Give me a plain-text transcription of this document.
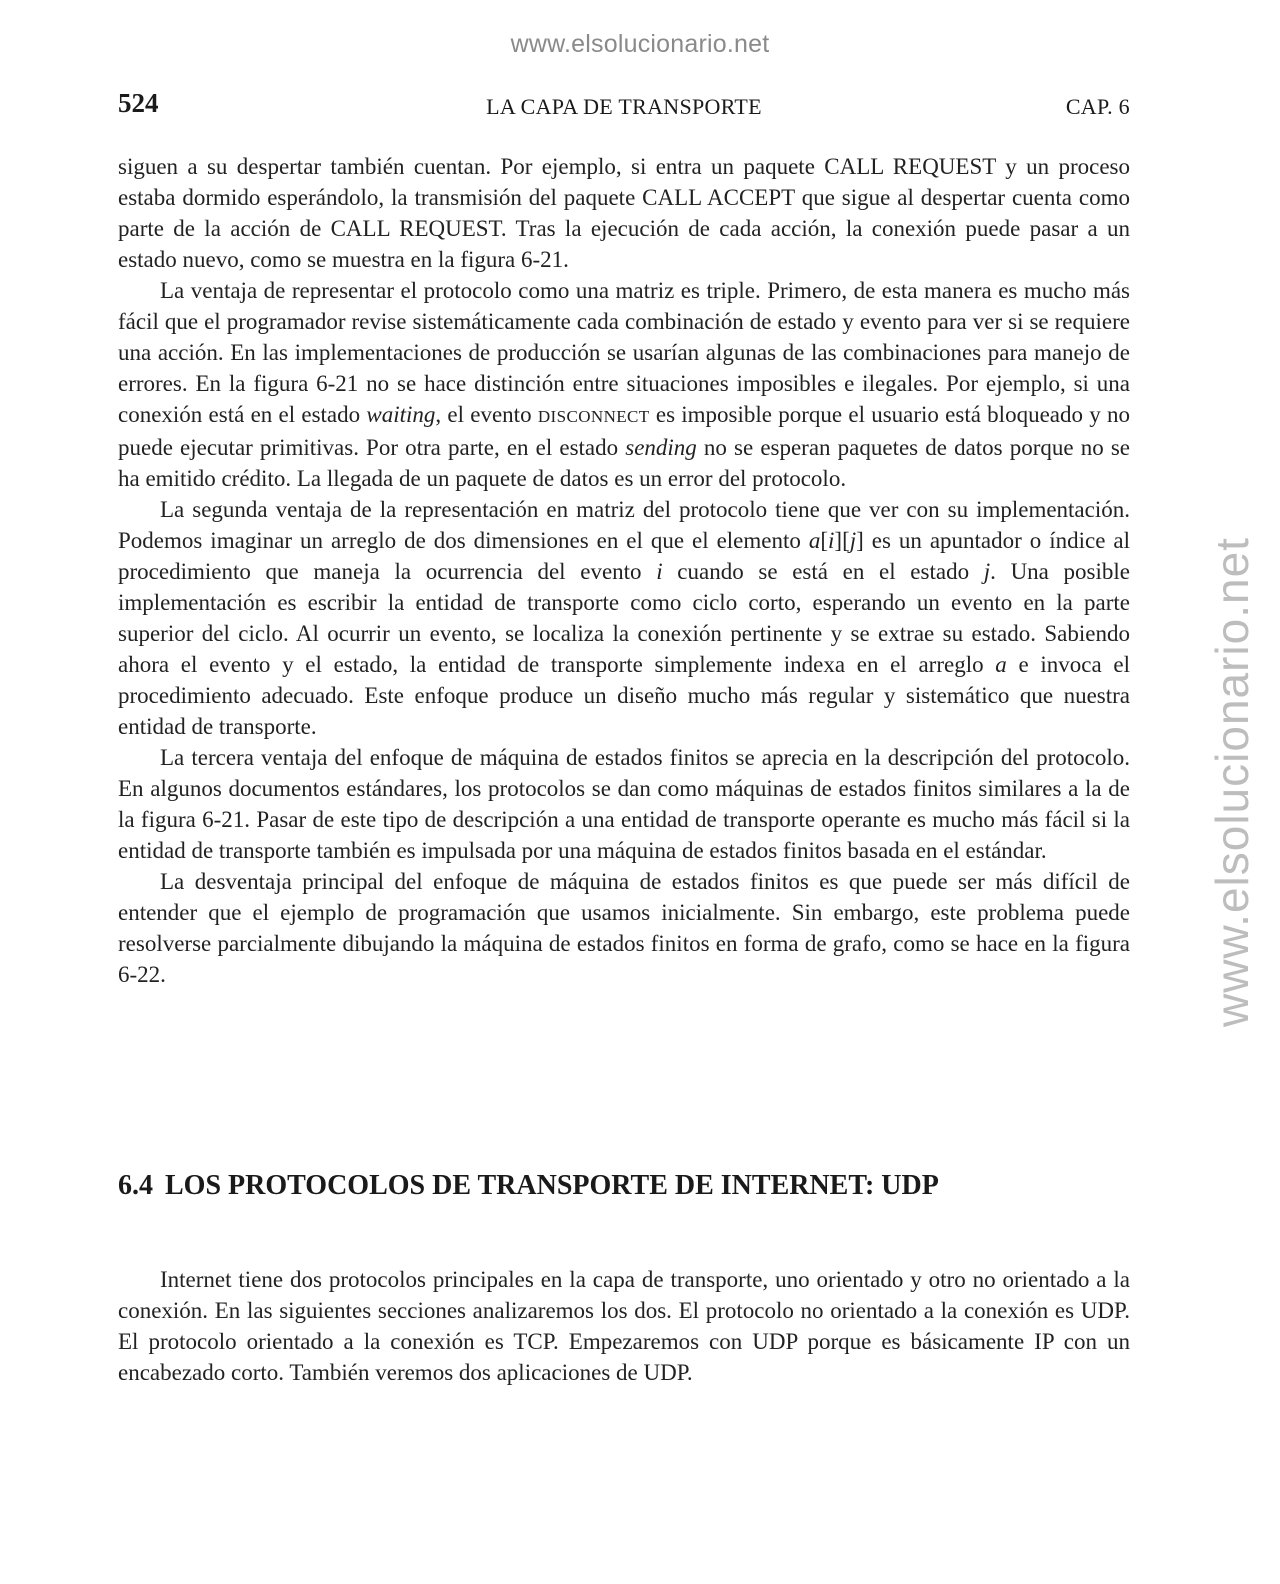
www.elsolucionario.net
www.elsolucionario.net
524	LA CAPA DE TRANSPORTE	CAP. 6

siguen a su despertar también cuentan. Por ejemplo, si entra un paquete CALL REQUEST y un proceso estaba dormido esperándolo, la transmisión del paquete CALL ACCEPT que sigue al despertar cuenta como parte de la acción de CALL REQUEST. Tras la ejecución de cada acción, la conexión puede pasar a un estado nuevo, como se muestra en la figura 6-21.

La ventaja de representar el protocolo como una matriz es triple. Primero, de esta manera es mucho más fácil que el programador revise sistemáticamente cada combinación de estado y evento para ver si se requiere una acción. En las implementaciones de producción se usarían algunas de las combinaciones para manejo de errores. En la figura 6-21 no se hace distinción entre situaciones imposibles e ilegales. Por ejemplo, si una conexión está en el estado waiting, el evento DISCONNECT es imposible porque el usuario está bloqueado y no puede ejecutar primitivas. Por otra parte, en el estado sending no se esperan paquetes de datos porque no se ha emitido crédito. La llegada de un paquete de datos es un error del protocolo.

La segunda ventaja de la representación en matriz del protocolo tiene que ver con su implementación. Podemos imaginar un arreglo de dos dimensiones en el que el elemento a[i][j] es un apuntador o índice al procedimiento que maneja la ocurrencia del evento i cuando se está en el estado j. Una posible implementación es escribir la entidad de transporte como ciclo corto, esperando un evento en la parte superior del ciclo. Al ocurrir un evento, se localiza la conexión pertinente y se extrae su estado. Sabiendo ahora el evento y el estado, la entidad de transporte simplemente indexa en el arreglo a e invoca el procedimiento adecuado. Este enfoque produce un diseño mucho más regular y sistemático que nuestra entidad de transporte.

La tercera ventaja del enfoque de máquina de estados finitos se aprecia en la descripción del protocolo. En algunos documentos estándares, los protocolos se dan como máquinas de estados finitos similares a la de la figura 6-21. Pasar de este tipo de descripción a una entidad de transporte operante es mucho más fácil si la entidad de transporte también es impulsada por una máquina de estados finitos basada en el estándar.

La desventaja principal del enfoque de máquina de estados finitos es que puede ser más difícil de entender que el ejemplo de programación que usamos inicialmente. Sin embargo, este problema puede resolverse parcialmente dibujando la máquina de estados finitos en forma de grafo, como se hace en la figura 6-22.

6.4 LOS PROTOCOLOS DE TRANSPORTE DE INTERNET: UDP

Internet tiene dos protocolos principales en la capa de transporte, uno orientado y otro no orientado a la conexión. En las siguientes secciones analizaremos los dos. El protocolo no orientado a la conexión es UDP. El protocolo orientado a la conexión es TCP. Empezaremos con UDP porque es básicamente IP con un encabezado corto. También veremos dos aplicaciones de UDP.
